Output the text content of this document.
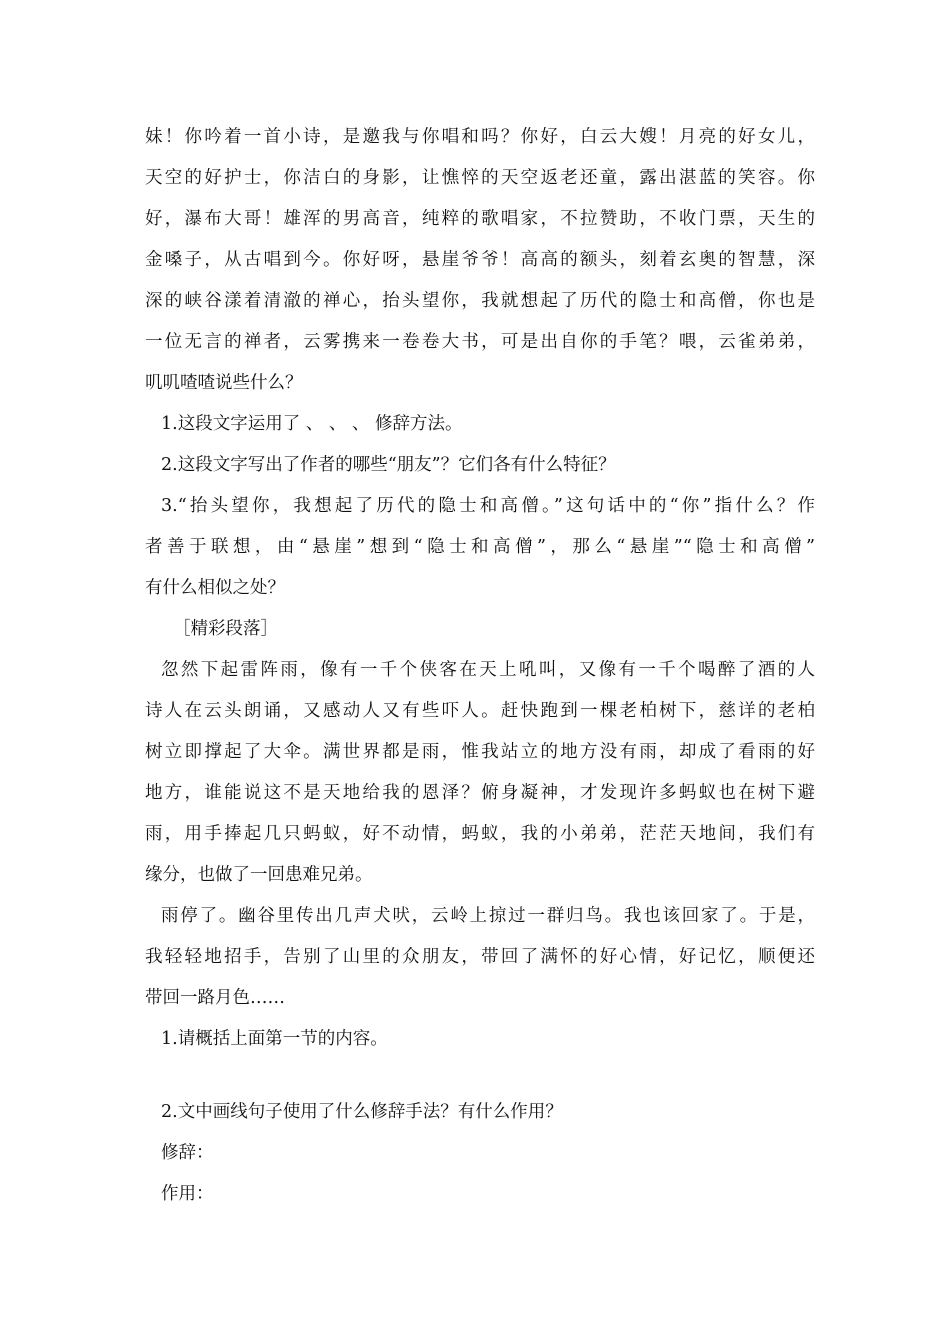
妹！你吟着一首小诗，是邀我与你唱和吗？你好，白云大嫂！月亮的好女儿，
天空的好护士，你洁白的身影，让憔悴的天空返老还童，露出湛蓝的笑容。你
好，瀑布大哥！雄浑的男高音，纯粹的歌唱家，不拉赞助，不收门票，天生的
金嗓子，从古唱到今。你好呀，悬崖爷爷！高高的额头，刻着玄奥的智慧，深
深的峡谷漾着清澈的禅心，抬头望你，我就想起了历代的隐士和高僧，你也是
一位无言的禅者，云雾携来一卷卷大书，可是出自你的手笔？喂，云雀弟弟，
叽叽喳喳说些什么？
1.这段文字运用了 、 、 、 修辞方法。
2.这段文字写出了作者的哪些“朋友”？它们各有什么特征？
3.“抬头望你，我想起了历代的隐士和高僧。”这句话中的“你”指什么？作
者善于联想，由“悬崖”想到“隐士和高僧”，那么“悬崖”“隐士和高僧”
有什么相似之处？
［精彩段落］
忽然下起雷阵雨，像有一千个侠客在天上吼叫，又像有一千个喝醉了酒的人
诗人在云头朗诵，又感动人又有些吓人。赶快跑到一棵老柏树下，慈详的老柏
树立即撑起了大伞。满世界都是雨，惟我站立的地方没有雨，却成了看雨的好
地方，谁能说这不是天地给我的恩泽？俯身凝神，才发现许多蚂蚁也在树下避
雨，用手捧起几只蚂蚁，好不动情，蚂蚁，我的小弟弟，茫茫天地间，我们有
缘分，也做了一回患难兄弟。
雨停了。幽谷里传出几声犬吠，云岭上掠过一群归鸟。我也该回家了。于是，
我轻轻地招手，告别了山里的众朋友，带回了满怀的好心情，好记忆，顺便还
带回一路月色……
1.请概括上面第一节的内容。
2.文中画线句子使用了什么修辞手法？有什么作用？
修辞：
作用：
